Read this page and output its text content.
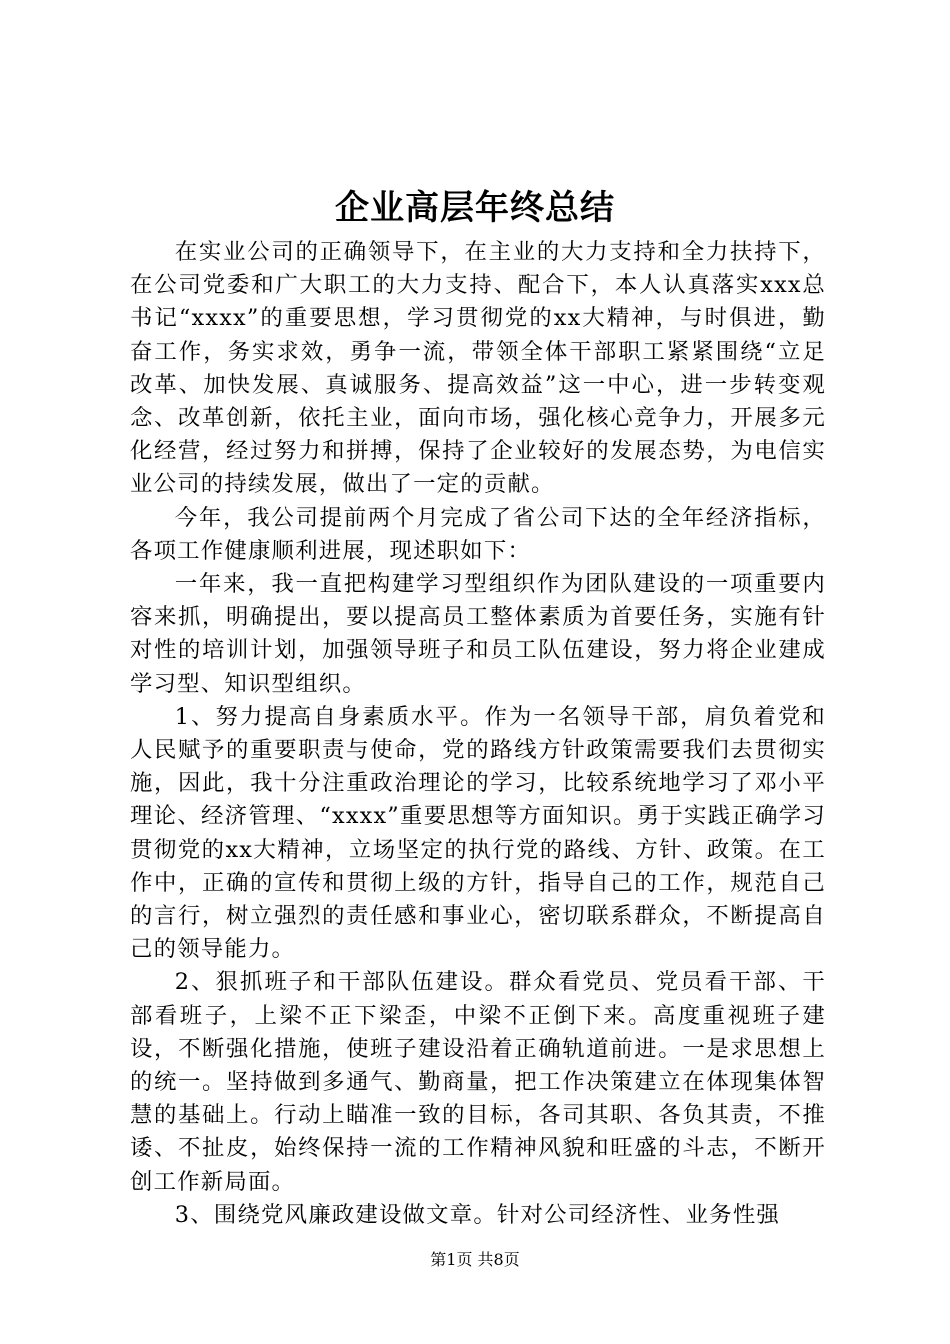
企业高层年终总结

在实业公司的正确领导下，在主业的大力支持和全力扶持下，在公司党委和广大职工的大力支持、配合下，本人认真落实xxx总书记“xxxx”的重要思想，学习贯彻党的xx大精神，与时俱进，勤奋工作，务实求效，勇争一流，带领全体干部职工紧紧围绕“立足改革、加快发展、真诚服务、提高效益”这一中心，进一步转变观念、改革创新，依托主业，面向市场，强化核心竞争力，开展多元化经营，经过努力和拼搏，保持了企业较好的发展态势，为电信实业公司的持续发展，做出了一定的贡献。

今年，我公司提前两个月完成了省公司下达的全年经济指标，各项工作健康顺利进展，现述职如下：

一年来，我一直把构建学习型组织作为团队建设的一项重要内容来抓，明确提出，要以提高员工整体素质为首要任务，实施有针对性的培训计划，加强领导班子和员工队伍建设，努力将企业建成学习型、知识型组织。

1、努力提高自身素质水平。作为一名领导干部，肩负着党和人民赋予的重要职责与使命，党的路线方针政策需要我们去贯彻实施，因此，我十分注重政治理论的学习，比较系统地学习了邓小平理论、经济管理、“xxxx”重要思想等方面知识。勇于实践正确学习贯彻党的xx大精神，立场坚定的执行党的路线、方针、政策。在工作中，正确的宣传和贯彻上级的方针，指导自己的工作，规范自己的言行，树立强烈的责任感和事业心，密切联系群众，不断提高自己的领导能力。

2、狠抓班子和干部队伍建设。群众看党员、党员看干部、干部看班子，上梁不正下梁歪，中梁不正倒下来。高度重视班子建设，不断强化措施，使班子建设沿着正确轨道前进。一是求思想上的统一。坚持做到多通气、勤商量，把工作决策建立在体现集体智慧的基础上。行动上瞄准一致的目标，各司其职、各负其责，不推诿、不扯皮，始终保持一流的工作精神风貌和旺盛的斗志，不断开创工作新局面。

3、围绕党风廉政建设做文章。针对公司经济性、业务性强

第1页 共8页
